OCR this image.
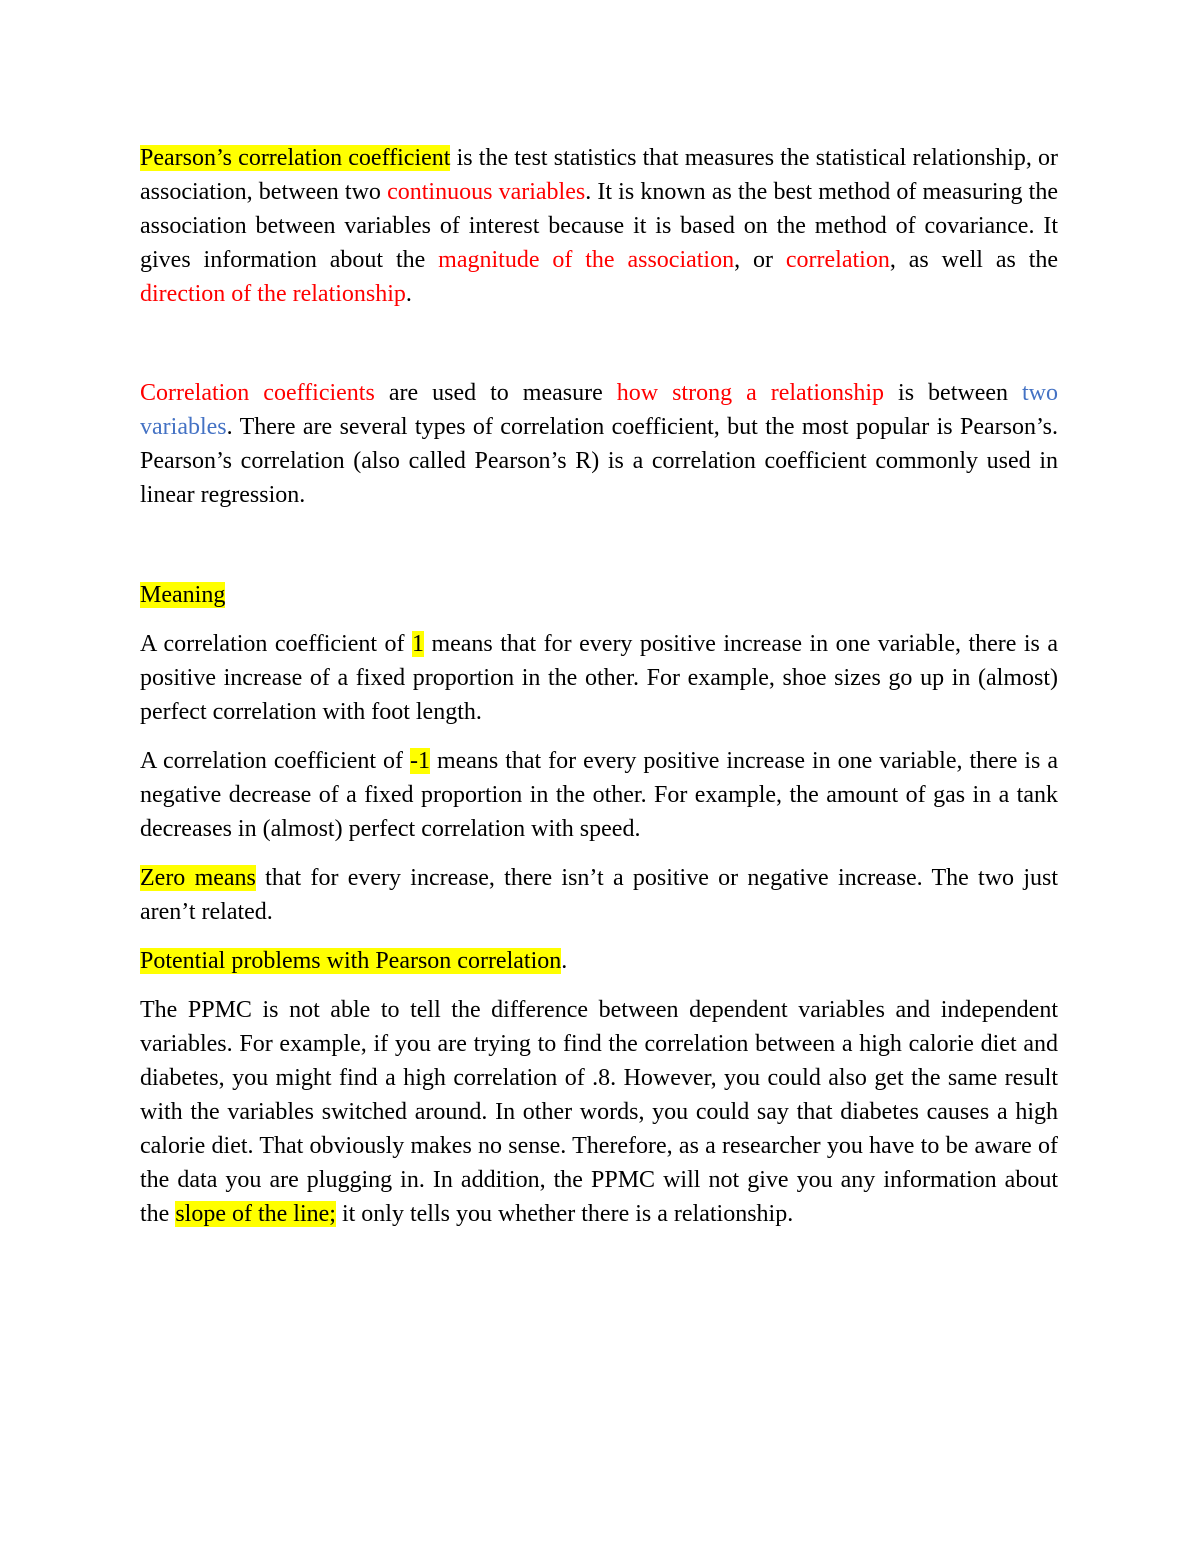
Pearson’s correlation coefficient is the test statistics that measures the statistical relationship, or association, between two continuous variables. It is known as the best method of measuring the association between variables of interest because it is based on the method of covariance. It gives information about the magnitude of the association, or correlation, as well as the direction of the relationship.

Correlation coefficients are used to measure how strong a relationship is between two variables. There are several types of correlation coefficient, but the most popular is Pearson’s. Pearson’s correlation (also called Pearson’s R) is a correlation coefficient commonly used in linear regression.

Meaning

A correlation coefficient of 1 means that for every positive increase in one variable, there is a positive increase of a fixed proportion in the other. For example, shoe sizes go up in (almost) perfect correlation with foot length.

A correlation coefficient of -1 means that for every positive increase in one variable, there is a negative decrease of a fixed proportion in the other. For example, the amount of gas in a tank decreases in (almost) perfect correlation with speed.

Zero means that for every increase, there isn’t a positive or negative increase. The two just aren’t related.

Potential problems with Pearson correlation.

The PPMC is not able to tell the difference between dependent variables and independent variables. For example, if you are trying to find the correlation between a high calorie diet and diabetes, you might find a high correlation of .8. However, you could also get the same result with the variables switched around. In other words, you could say that diabetes causes a high calorie diet. That obviously makes no sense. Therefore, as a researcher you have to be aware of the data you are plugging in. In addition, the PPMC will not give you any information about the slope of the line; it only tells you whether there is a relationship.
